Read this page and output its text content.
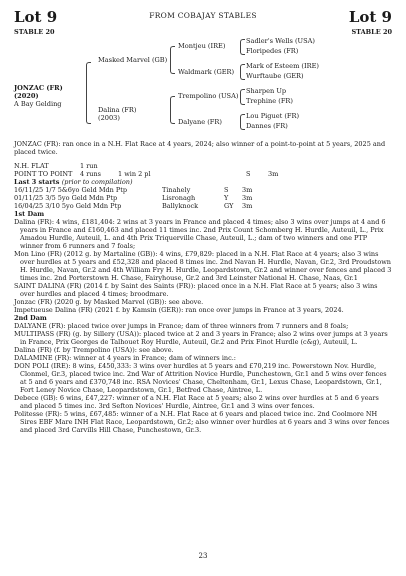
Lot 9	FROM COBAJAY STABLES	Lot 9
STABLE 20	STABLE 20
JONZAC (FR)
(2020)
A Bay Gelding
Masked Marvel (GB)
Dalina (FR)
(2003)
Montjeu (IRE)
Waldmark (GER)
Trempolino (USA)
Dalyane (FR)
Sadler's Wells (USA)
Floripedes (FR)
Mark of Esteem (IRE)
Wurftaube (GER)
Sharpen Up
Trephine (FR)
Lou Piguet (FR)
Dannes (FR)

JONZAC (FR): ran once in a N.H. Flat Race at 4 years, 2024; also winner of a point-to-point at 5 years, 2025 and placed twice.

N.H. FLAT	1 run
POINT TO POINT	4 runs	1 win 2 pl	S	3m

Last 3 starts (prior to compilation)

16/11/25 1/7 5&6yo Geld Mdn Ptp	Tinahely	S	3m
01/11/25 3/5 5yo Geld Mdn Ptp	Lisronagh	Y	3m
16/04/25 3/10 5yo Geld Mdn Ptp	Ballyknock	GY	3m

1st Dam

Dalina (FR): 4 wins, £181,404: 2 wins at 3 years in France and placed 4 times; also 3 wins over jumps at 4 and 6 years in France and £160,463 and placed 11 times inc. 2nd Prix Count Schomberg H. Hurdle, Auteuil, L., Prix Amadou Hurdle, Auteuil, L. and 4th Prix Triquerville Chase, Auteuil, L.; dam of two winners and one PTP winner from 6 runners and 7 foals;

Mon Lino (FR) (2012 g. by Martaline (GB)): 4 wins, £79,829: placed in a N.H. Flat Race at 4 years; also 3 wins over hurdles at 5 years and £52,328 and placed 8 times inc. 2nd Navan H. Hurdle, Navan, Gr.2, 3rd Proudstown H. Hurdle, Navan, Gr.2 and 4th William Fry H. Hurdle, Leopardstown, Gr.2 and winner over fences and placed 3 times inc. 2nd Porterstown H. Chase, Fairyhouse, Gr.2 and 3rd Leinster National H. Chase, Naas, Gr.1

SAINT DALINA (FR) (2014 f. by Saint des Saints (FR)): placed once in a N.H. Flat Race at 5 years; also 3 wins over hurdles and placed 4 times; broodmare.

Jonzac (FR) (2020 g. by Masked Marvel (GB)): see above.

Impetueuse Dalina (FR) (2021 f. by Kamsin (GER)): ran once over jumps in France at 3 years, 2024.

2nd Dam

DALYANE (FR): placed twice over jumps in France; dam of three winners from 7 runners and 8 foals;

MULTIPASS (FR) (g. by Sillery (USA)): placed twice at 2 and 3 years in France; also 2 wins over jumps at 3 years in France, Prix Georges de Talhouet Roy Hurdle, Auteuil, Gr.2 and Prix Finot Hurdle (c&g), Auteuil, L.

Dalina (FR) (f. by Trempolino (USA)): see above.

DALAMINE (FR): winner at 4 years in France; dam of winners inc.:

DON POLI (IRE): 8 wins, £450,333: 3 wins over hurdles at 5 years and £70,219 inc. Powerstown Nov. Hurdle, Clonmel, Gr.3, placed twice inc. 2nd War of Attrition Novice Hurdle, Punchestown, Gr.1 and 5 wins over fences at 5 and 6 years and £370,748 inc. RSA Novices' Chase, Cheltenham, Gr.1, Lexus Chase, Leopardstown, Gr.1, Fort Leney Novice Chase, Leopardstown, Gr.1, Betfred Chase, Aintree, L.

Debece (GB): 6 wins, £47,227: winner of a N.H. Flat Race at 5 years; also 2 wins over hurdles at 5 and 6 years and placed 5 times inc. 3rd Sefton Novices' Hurdle, Aintree, Gr.1 and 3 wins over fences.

Politesse (FR): 5 wins, £67,485: winner of a N.H. Flat Race at 6 years and placed twice inc. 2nd Coolmore NH Sires EBF Mare INH Flat Race, Leopardstown, Gr.2; also winner over hurdles at 6 years and 3 wins over fences and placed 3rd Carvills Hill Chase, Punchestown, Gr.3.

23
